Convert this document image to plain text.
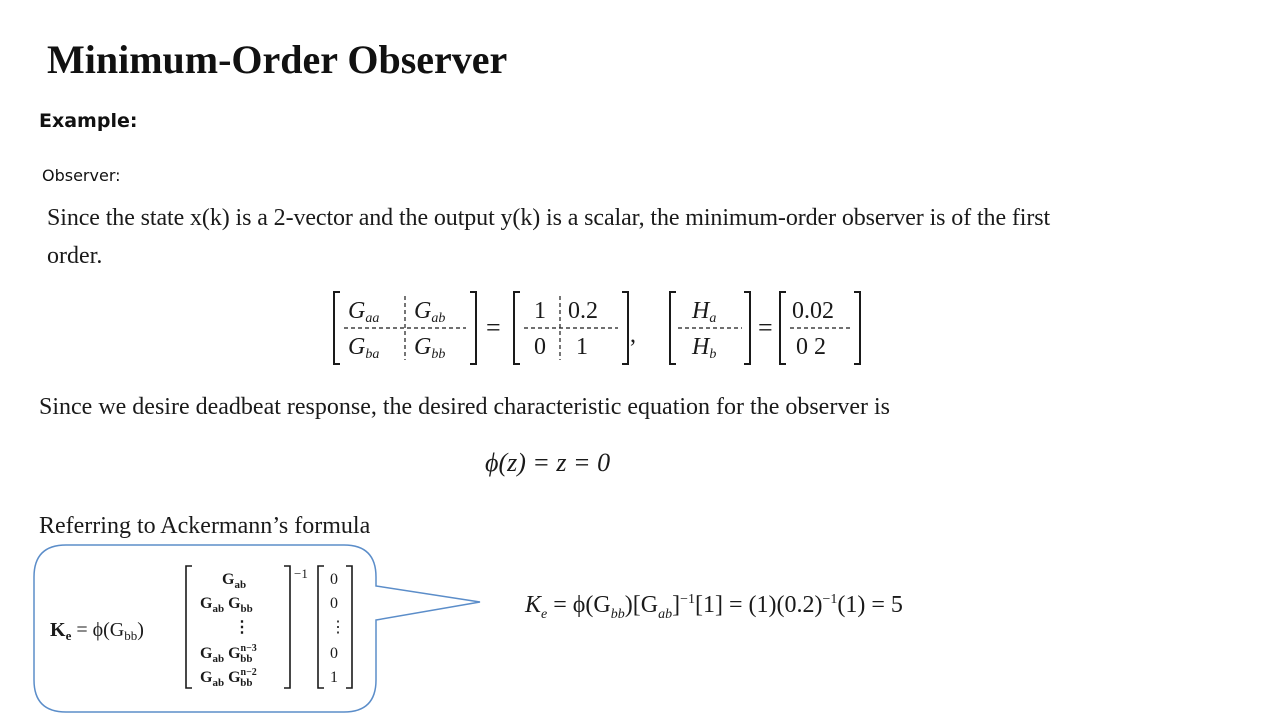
Minimum-Order Observer
Example:
Observer:
Since the state x(k) is a 2-vector and the output y(k) is a scalar, the minimum-order observer is of the first
order.
Gaa Gab
Gba Gbb
=
1 0.2
0 1 ,
Ha
Hb
=
0.02
0 2
Since we desire deadbeat response, the desired characteristic equation for the observer is
ϕ(z) = z = 0
Referring to Ackermann’s formula
$K_e = \phi(G_{bb})$
−1
$G_{ab}$
$G_{ab}$ $G_{bb}$
⋮
$G_{ab}$ $G^{n-3}$ bb
$G_{ab}$ $G^{n-2}$ bb
0
0
⋮
0
1
$K_e = \phi(G_{bb})[G_{ab}]^{-1}[1] = (1)(0.2)^{-1}(1) = 5$
